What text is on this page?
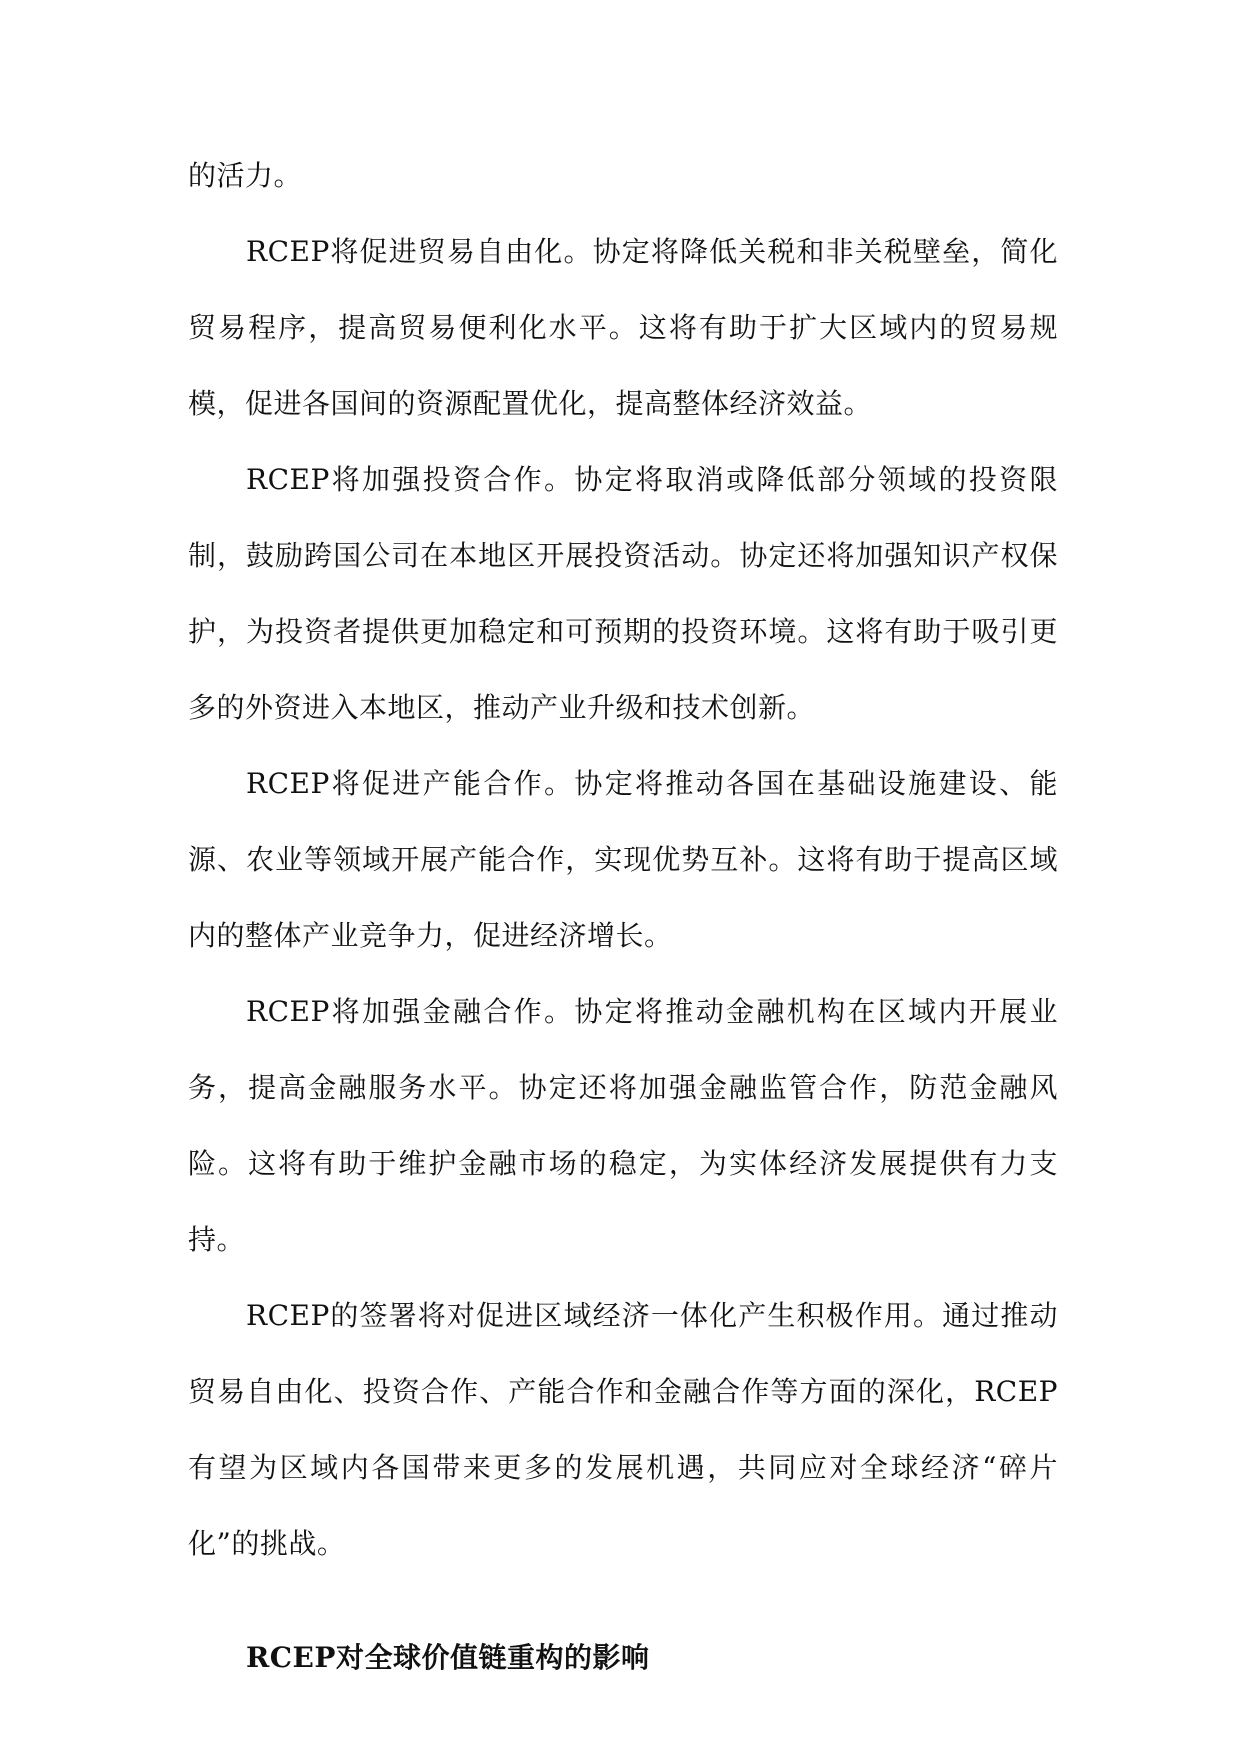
的活力。

RCEP将促进贸易自由化。协定将降低关税和非关税壁垒，简化贸易程序，提高贸易便利化水平。这将有助于扩大区域内的贸易规模，促进各国间的资源配置优化，提高整体经济效益。

RCEP将加强投资合作。协定将取消或降低部分领域的投资限制，鼓励跨国公司在本地区开展投资活动。协定还将加强知识产权保护，为投资者提供更加稳定和可预期的投资环境。这将有助于吸引更多的外资进入本地区，推动产业升级和技术创新。

RCEP将促进产能合作。协定将推动各国在基础设施建设、能源、农业等领域开展产能合作，实现优势互补。这将有助于提高区域内的整体产业竞争力，促进经济增长。

RCEP将加强金融合作。协定将推动金融机构在区域内开展业务，提高金融服务水平。协定还将加强金融监管合作，防范金融风险。这将有助于维护金融市场的稳定，为实体经济发展提供有力支持。

RCEP的签署将对促进区域经济一体化产生积极作用。通过推动贸易自由化、投资合作、产能合作和金融合作等方面的深化，RCEP有望为区域内各国带来更多的发展机遇，共同应对全球经济“碎片化”的挑战。

RCEP对全球价值链重构的影响
